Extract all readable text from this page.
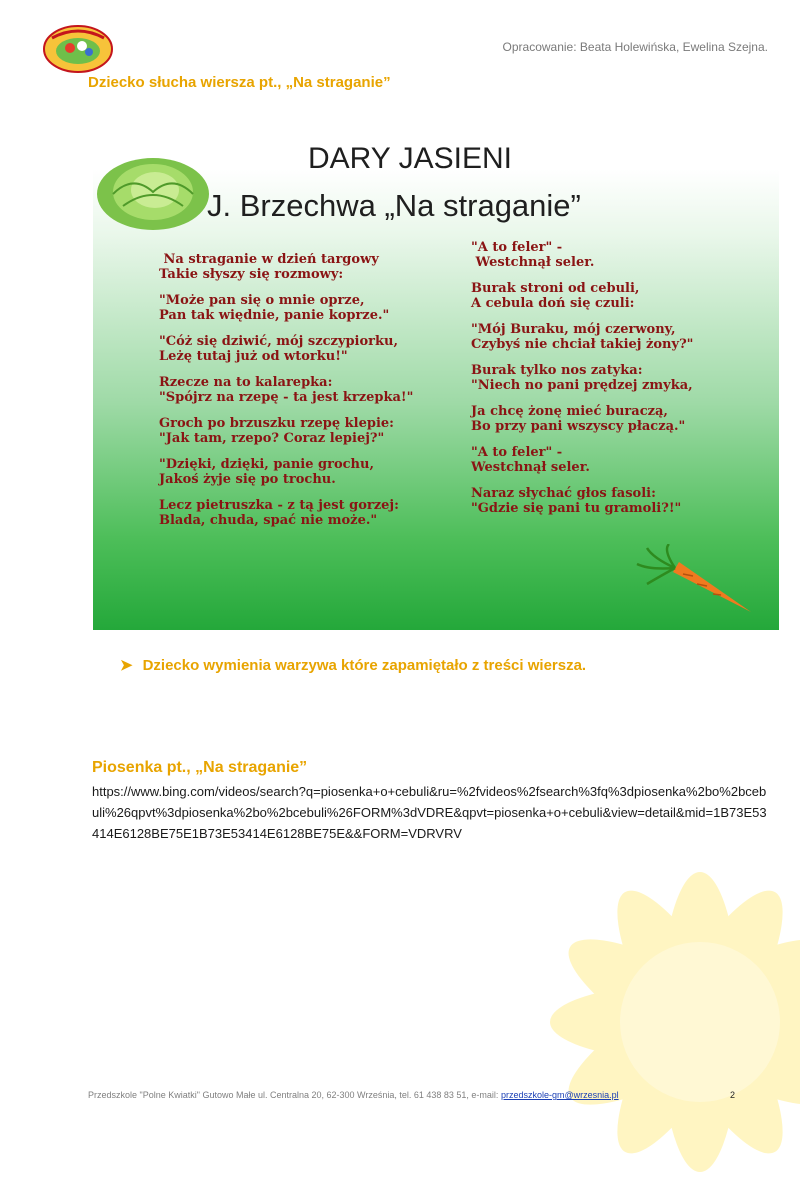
Opracowanie: Beata Holewińska, Ewelina Szejna.
Dziecko słucha wiersza pt., „Na straganie”
DARY JASIENI
J. Brzechwa „Na straganie”
Na straganie w dzień targowy
Takie słyszy się rozmowy:
"Może pan się o mnie oprze,
Pan tak więdnie, panie koprze."
"Cóż się dziwić, mój szczypiorku,
Leżę tutaj już od wtorku!"
Rzecze na to kalarepka:
"Spójrz na rzepę - ta jest krzepka!"
Groch po brzuszku rzepę klepie:
"Jak tam, rzepo? Coraz lepiej?"
"Dzięki, dzięki, panie grochu,
Jakoś żyje się po trochu.
Lecz pietruszka - z tą jest gorzej:
Blada, chuda, spać nie może."
"A to feler" -
Westchnął seler.
Burak stroni od cebuli,
A cebula doń się czuli:
"Mój Buraku, mój czerwony,
Czybyś nie chciał takiej żony?"
Burak tylko nos zatyka:
"Niech no pani prędzej zmyka,
Ja chcę żonę mieć buraczą,
Bo przy pani wszyscy płaczą."
"A to feler" -
Westchnął seler.
Naraz słychać głos fasoli:
"Gdzie się pani tu gramoli?!"
➤ Dziecko wymienia warzywa które zapamiętało z treści wiersza.
Piosenka pt., „Na straganie”
https://www.bing.com/videos/search?q=piosenka+o+cebuli&ru=%2fvideos%2fsearch%3fq%3dpiosenka%2bo%2bcebuli%26qpvt%3dpiosenka%2bo%2bcebuli%26FORM%3dVDRE&qpvt=piosenka+o+cebuli&view=detail&mid=1B73E53414E6128BE75E1B73E53414E6128BE75E&&FORM=VDRVRV
Przedszkole "Polne Kwiatki" Gutowo Małe ul. Centralna 20, 62-300 Września, tel. 61 438 83 51, e-mail: przedszkole-gm@wrzesnia.pl	2
